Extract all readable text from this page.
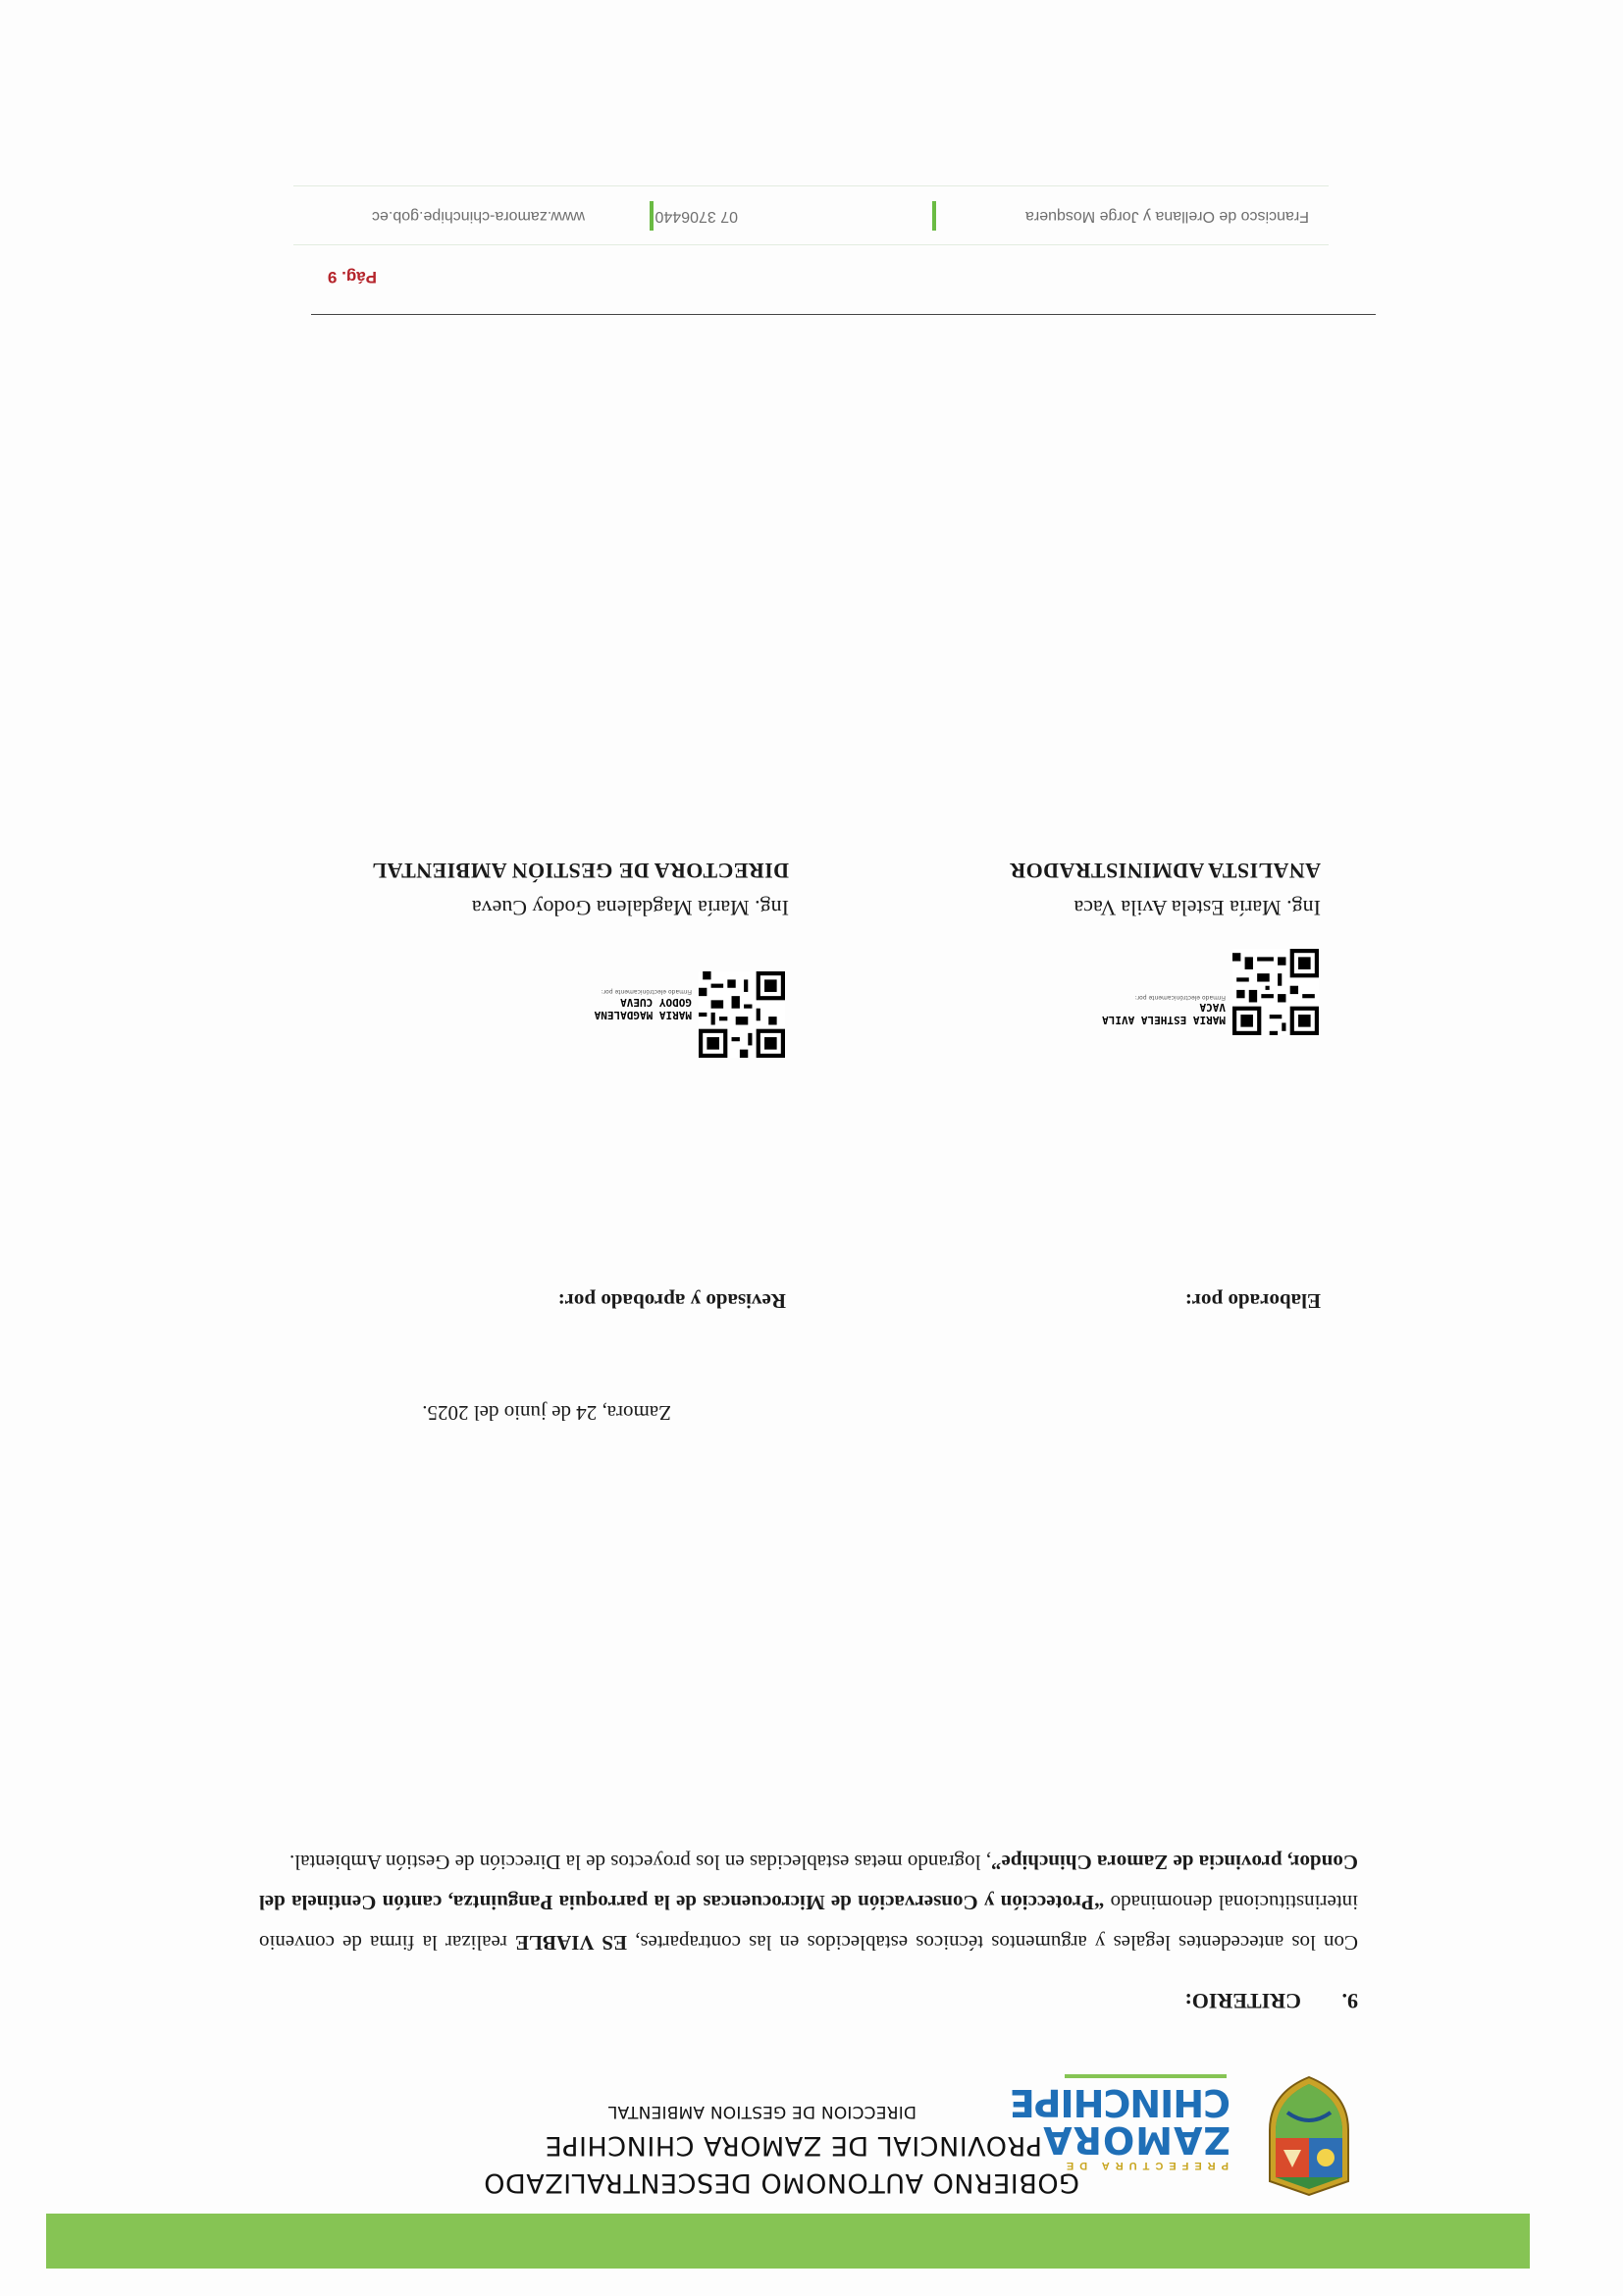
PREFECTURA DE
ZAMORA
CHINCHIPE
GOBIERNO AUTONOMO DESCENTRALIZADO
PROVINCIAL DE ZAMORA CHINCHIPE
DIRECCION DE GESTION AMBIENTAL
9.
CRITERIO:
Con los antecedentes legales y argumentos técnicos establecidos en las contrapartes, ES VIABLE realizar la firma de convenio interinstitucional denominado “Protección y Conservación de Microcuencas de la parroquia Panguintza, cantón Centinela del Condor, provincia de Zamora Chinchipe”, logrando metas establecidas en los proyectos de la Dirección de Gestión Ambiental.
Zamora, 24 de junio del 2025.
Elaborado por:
Revisado y aprobado por:
MARIA ESTHELA AVILA
VACA
Firmado electrónicamente por:
MARIA MAGDALENA
GODOY CUEVA
Firmado electrónicamente por:
Ing. María Estela Avila Vaca
ANALISTA ADMINISTRADOR
Ing. María Magdalena Godoy Cueva
DIRECTORA DE GESTIÓN AMBIENTAL
Pág. 9
Francisco de Orellana y Jorge Mosquera
07 3706440
www.zamora-chinchipe.gob.ec
